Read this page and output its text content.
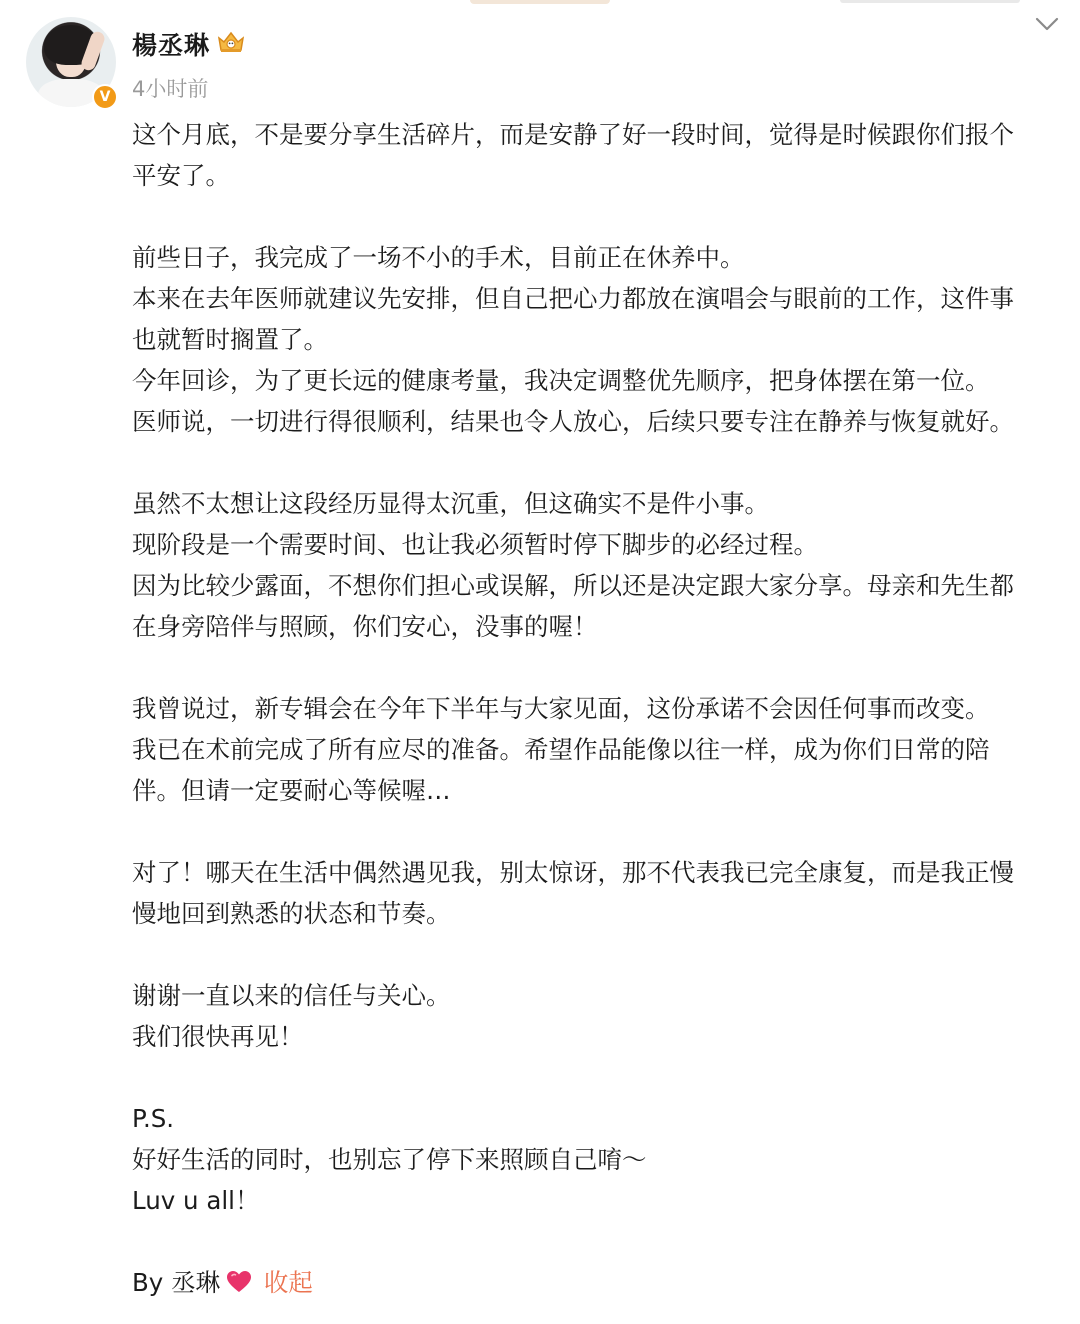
V
楊丞琳
4小时前
这个月底，不是要分享生活碎片，而是安静了好一段时间，觉得是时候跟你们报个
平安了。
前些日子，我完成了一场不小的手术，目前正在休养中。
本来在去年医师就建议先安排，但自己把心力都放在演唱会与眼前的工作，这件事
也就暂时搁置了。
今年回诊，为了更长远的健康考量，我决定调整优先顺序，把身体摆在第一位。
医师说，一切进行得很顺利，结果也令人放心，后续只要专注在静养与恢复就好。
虽然不太想让这段经历显得太沉重，但这确实不是件小事。
现阶段是一个需要时间、也让我必须暂时停下脚步的必经过程。
因为比较少露面，不想你们担心或误解，所以还是决定跟大家分享。母亲和先生都
在身旁陪伴与照顾，你们安心，没事的喔！
我曾说过，新专辑会在今年下半年与大家见面，这份承诺不会因任何事而改变。
我已在术前完成了所有应尽的准备。希望作品能像以往一样，成为你们日常的陪
伴。但请一定要耐心等候喔…
对了！哪天在生活中偶然遇见我，别太惊讶，那不代表我已完全康复，而是我正慢
慢地回到熟悉的状态和节奏。
谢谢一直以来的信任与关心。
我们很快再见！
P.S.
好好生活的同时，也别忘了停下来照顾自己唷～
Luv u all！
By 丞琳 收起
